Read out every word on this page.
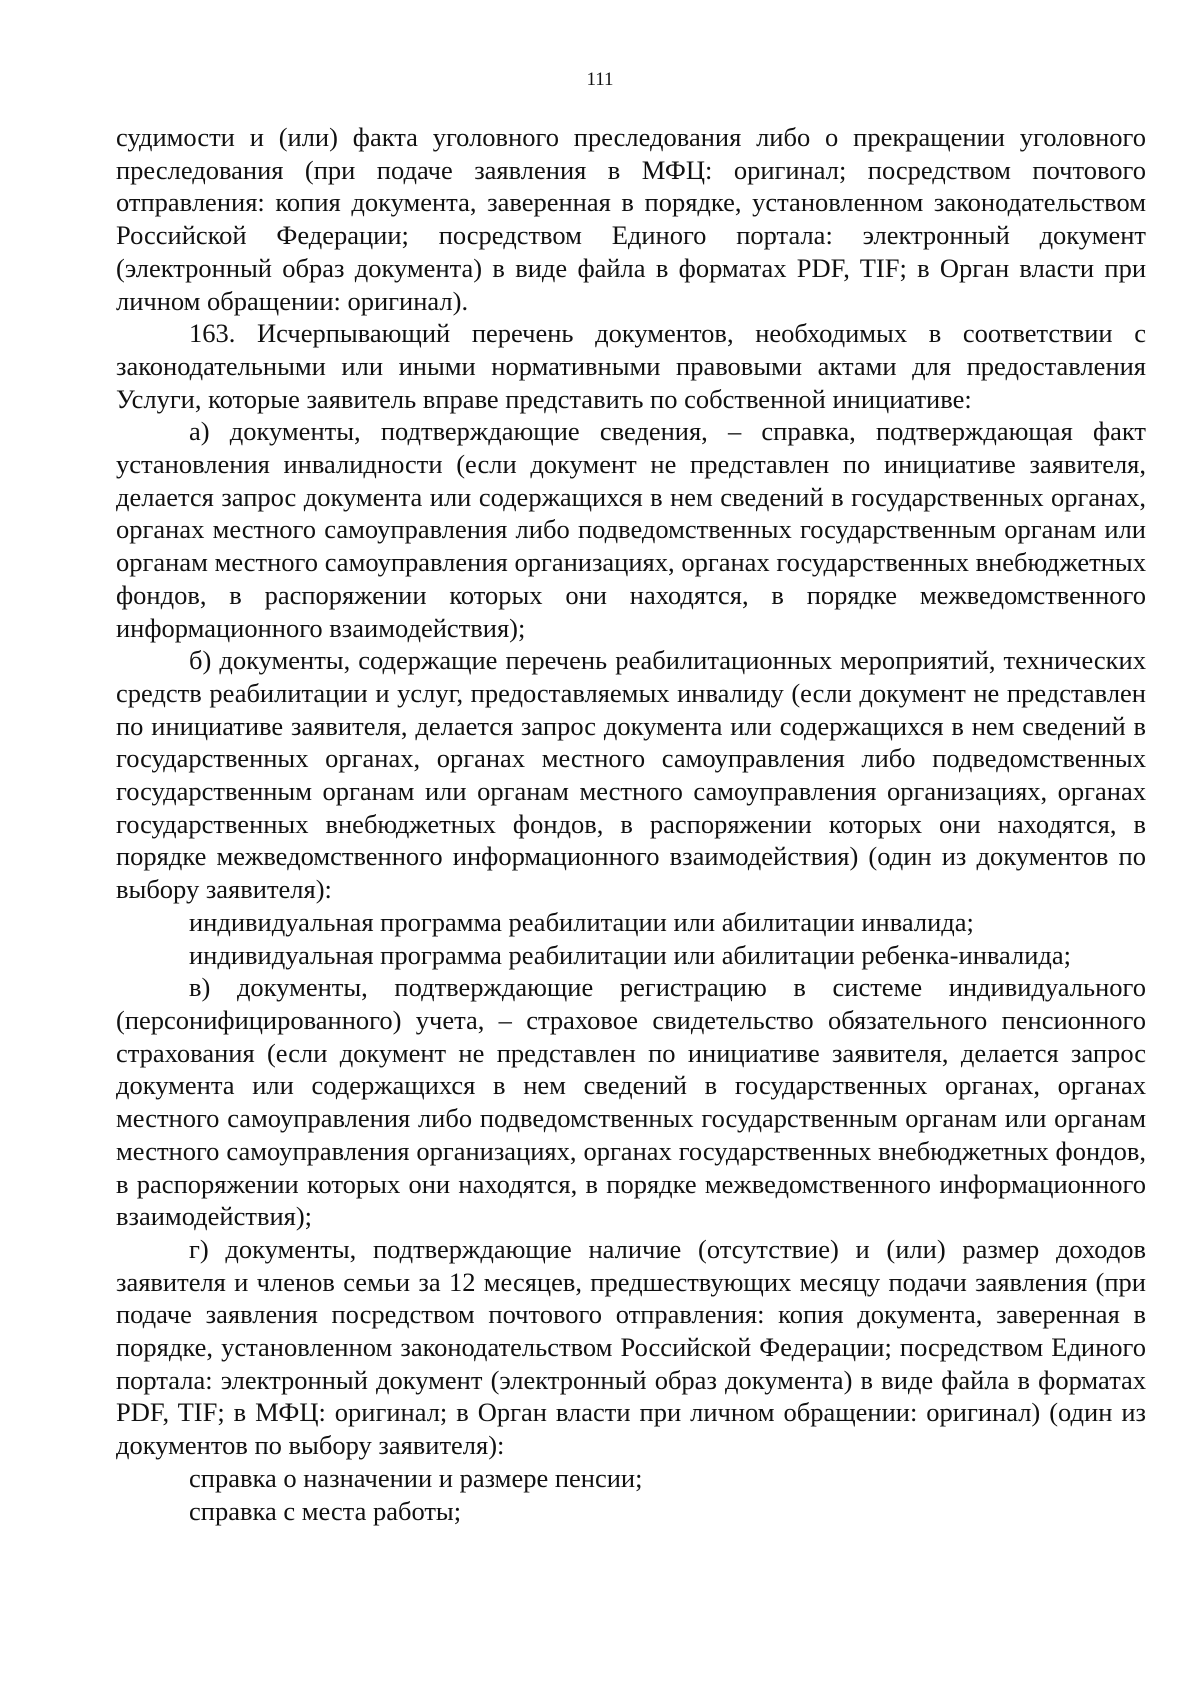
111

судимости и (или) факта уголовного преследования либо о прекращении уголовного преследования (при подаче заявления в МФЦ: оригинал; посредством почтового отправления: копия документа, заверенная в порядке, установленном законодательством Российской Федерации; посредством Единого портала: электронный документ (электронный образ документа) в виде файла в форматах PDF, TIF; в Орган власти при личном обращении: оригинал).

163. Исчерпывающий перечень документов, необходимых в соответствии с законодательными или иными нормативными правовыми актами для предоставления Услуги, которые заявитель вправе представить по собственной инициативе:

а) документы, подтверждающие сведения, – справка, подтверждающая факт установления инвалидности (если документ не представлен по инициативе заявителя, делается запрос документа или содержащихся в нем сведений в государственных органах, органах местного самоуправления либо подведомственных государственным органам или органам местного самоуправления организациях, органах государственных внебюджетных фондов, в распоряжении которых они находятся, в порядке межведомственного информационного взаимодействия);

б) документы, содержащие перечень реабилитационных мероприятий, технических средств реабилитации и услуг, предоставляемых инвалиду (если документ не представлен по инициативе заявителя, делается запрос документа или содержащихся в нем сведений в государственных органах, органах местного самоуправления либо подведомственных государственным органам или органам местного самоуправления организациях, органах государственных внебюджетных фондов, в распоряжении которых они находятся, в порядке межведомственного информационного взаимодействия) (один из документов по выбору заявителя):

индивидуальная программа реабилитации или абилитации инвалида;

индивидуальная программа реабилитации или абилитации ребенка-инвалида;

в) документы, подтверждающие регистрацию в системе индивидуального (персонифицированного) учета, – страховое свидетельство обязательного пенсионного страхования (если документ не представлен по инициативе заявителя, делается запрос документа или содержащихся в нем сведений в государственных органах, органах местного самоуправления либо подведомственных государственным органам или органам местного самоуправления организациях, органах государственных внебюджетных фондов, в распоряжении которых они находятся, в порядке межведомственного информационного взаимодействия);

г) документы, подтверждающие наличие (отсутствие) и (или) размер доходов заявителя и членов семьи за 12 месяцев, предшествующих месяцу подачи заявления (при подаче заявления посредством почтового отправления: копия документа, заверенная в порядке, установленном законодательством Российской Федерации; посредством Единого портала: электронный документ (электронный образ документа) в виде файла в форматах PDF, TIF; в МФЦ: оригинал; в Орган власти при личном обращении: оригинал) (один из документов по выбору заявителя):

справка о назначении и размере пенсии;

справка с места работы;
